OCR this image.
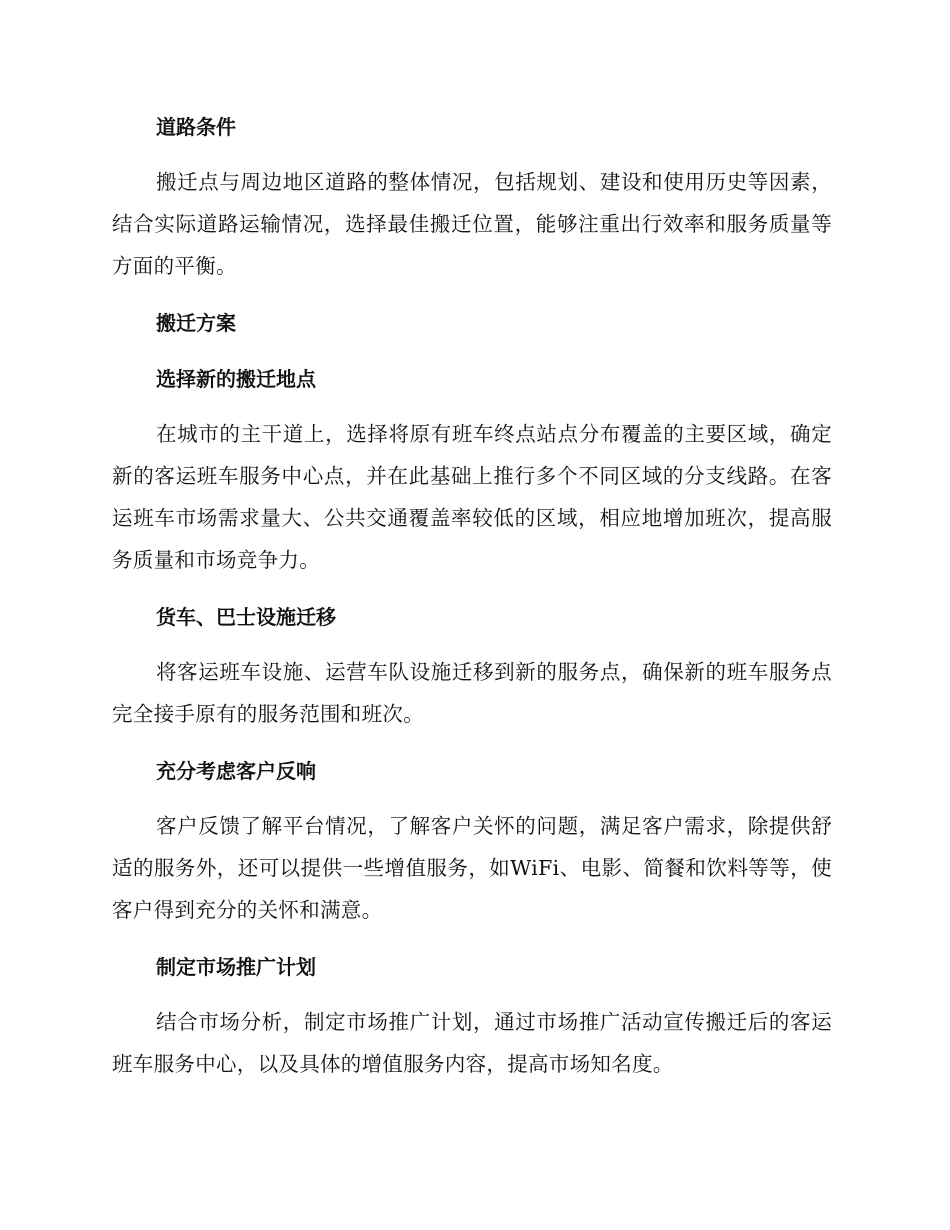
道路条件

搬迁点与周边地区道路的整体情况，包括规划、建设和使用历史等因素，结合实际道路运输情况，选择最佳搬迁位置，能够注重出行效率和服务质量等方面的平衡。

搬迁方案
选择新的搬迁地点

在城市的主干道上，选择将原有班车终点站点分布覆盖的主要区域，确定新的客运班车服务中心点，并在此基础上推行多个不同区域的分支线路。在客运班车市场需求量大、公共交通覆盖率较低的区域，相应地增加班次，提高服务质量和市场竞争力。

货车、巴士设施迁移

将客运班车设施、运营车队设施迁移到新的服务点，确保新的班车服务点完全接手原有的服务范围和班次。

充分考虑客户反响

客户反馈了解平台情况，了解客户关怀的问题，满足客户需求，除提供舒适的服务外，还可以提供一些增值服务，如WiFi、电影、简餐和饮料等等，使客户得到充分的关怀和满意。

制定市场推广计划

结合市场分析，制定市场推广计划，通过市场推广活动宣传搬迁后的客运班车服务中心，以及具体的增值服务内容，提高市场知名度。
